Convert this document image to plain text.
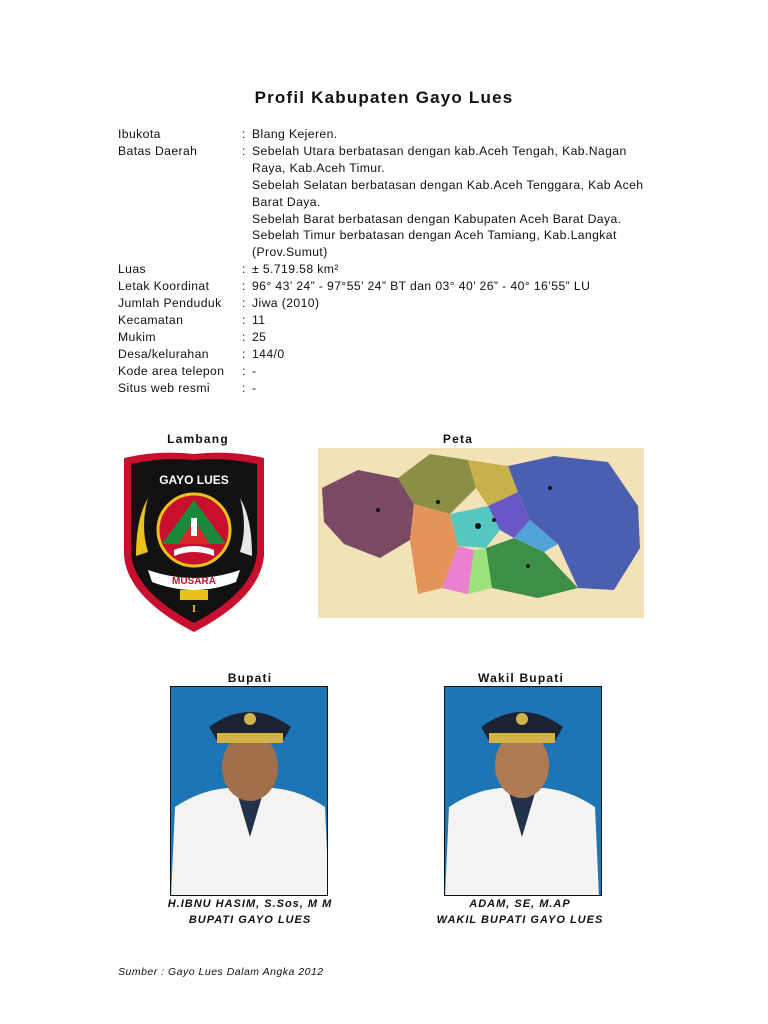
Profil Kabupaten Gayo Lues
Ibukota	: Blang Kejeren.
Batas Daerah	: Sebelah Utara berbatasan dengan kab.Aceh Tengah, Kab.Nagan
Raya, Kab.Aceh Timur.
Sebelah Selatan berbatasan dengan Kab.Aceh Tenggara, Kab Aceh
Barat Daya.
Sebelah Barat berbatasan dengan Kabupaten Aceh Barat Daya.
Sebelah Timur berbatasan dengan Aceh Tamiang, Kab.Langkat
(Prov.Sumut)
Luas	: ± 5.719.58 km²
Letak Koordinat	: 96° 43’ 24” - 97°55’ 24” BT dan 03° 40’ 26” - 40° 16’55” LU
Jumlah Penduduk	: Jiwa (2010)
Kecamatan	: 11
Mukim	: 25
Desa/kelurahan	: 144/0
Kode area telepon	: -
Situs web resmi	: -
Lambang	Peta
GAYO LUES
MUSARA
I
Bupati	Wakil Bupati
H.IBNU HASIM, S.Sos, M M
BUPATI GAYO LUES
ADAM, SE, M.AP
WAKIL BUPATI GAYO LUES
Sumber : Gayo Lues Dalam Angka 2012
